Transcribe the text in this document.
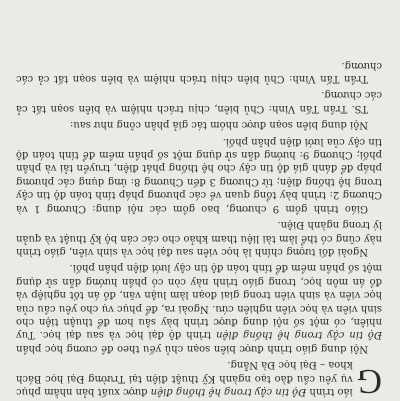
G
iáo trình Độ tin cậy trong hệ thống điện được xuất bản nhằm phục vụ yêu cầu đào tạo ngành Kỹ thuật điện tại Trường Đại học Bách khoa – Đại học Đà Nẵng.

Nội dung giáo trình được biên soạn chủ yếu theo đề cương học phần Độ tin cậy trong hệ thống điện trình độ đại học và sau đại học. Tuy nhiên, có một số nội dung được trình bày sâu hơn để thuận tiện cho sinh viên và học viên nghiên cứu. Ngoài ra, để phục vụ cho yêu cầu của học viên và sinh viên trong giai đoạn làm luận văn, đồ án tốt nghiệp và đồ án môn học, trong giáo trình này còn có phần hướng dẫn sử dụng một số phần mềm để tính toán độ tin cậy lưới điện phân phối.

Ngoài đối tượng chính là học viên sau đại học và sinh viên, giáo trình này cũng có thể làm tài liệu tham khảo cho các cán bộ kỹ thuật và quản lý trong ngành Điện.

Giáo trình gồm 9 chương, bao gồm các nội dung: Chương 1 và Chương 2: trình bày tổng quan về các phương pháp tính toán độ tin cậy trong hệ thống điện; từ Chương 3 đến Chương 8: ứng dụng các phương pháp để đánh giá độ tin cậy cho hệ thống phát điện, truyền tải và phân phối; Chương 9: hướng dẫn sử dụng một số phần mềm để tính toán độ tin cậy của lưới điện phân phối.

Nội dung biên soạn được nhóm tác giả phân công như sau:

TS. Trần Tấn Vinh: Chủ biên, chịu trách nhiệm và biên soạn tất cả các chương.

Trần Tấn Vinh: Chủ biên chịu trách nhiệm và biên soạn tất cả các chương.
